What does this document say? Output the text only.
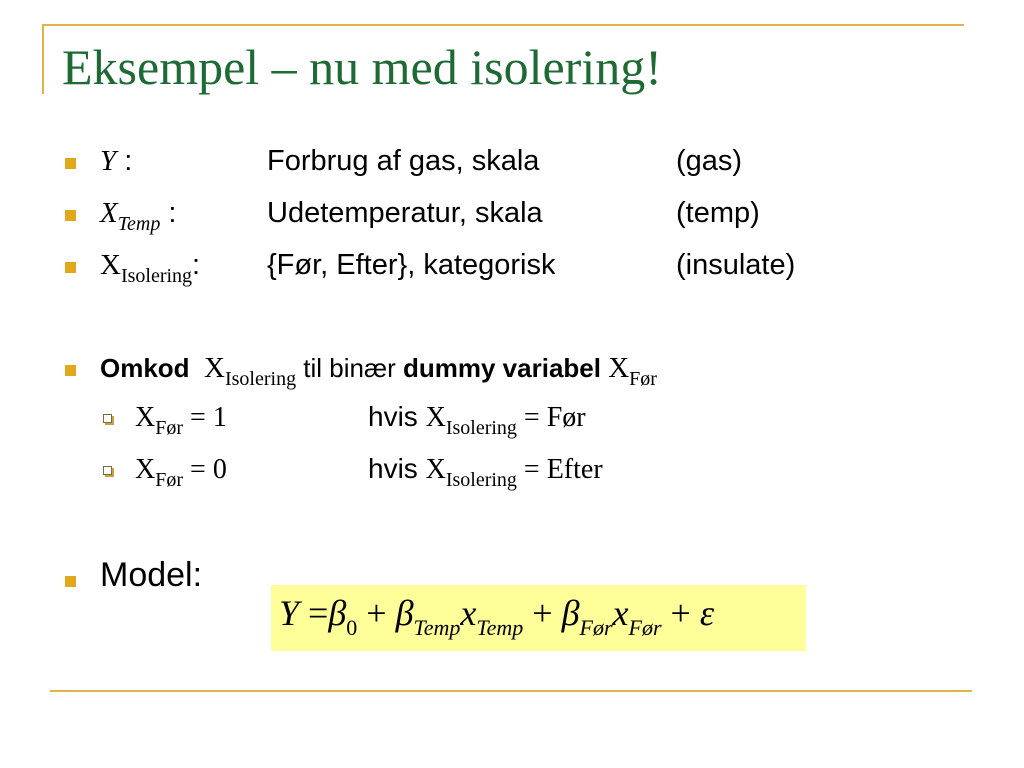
Eksempel – nu med isolering!
Y :	Forbrug af gas, skala	(gas)
$X_{Temp}$ :	Udetemperatur, skala	(temp)
$X_{Isolering}$: {Før, Efter}, kategorisk	(insulate)
Omkod $X_{Isolering}$ til binær dummy variabel $X_{Før}$
$X_{Før} = 1$	hvis $X_{Isolering}$ = Før
$X_{Før} = 0$	hvis $X_{Isolering}$ = Efter
Model:
$Y =\beta_0 + \beta_{Temp}x_{Temp} + \beta_{Før}x_{Før} + \varepsilon$
